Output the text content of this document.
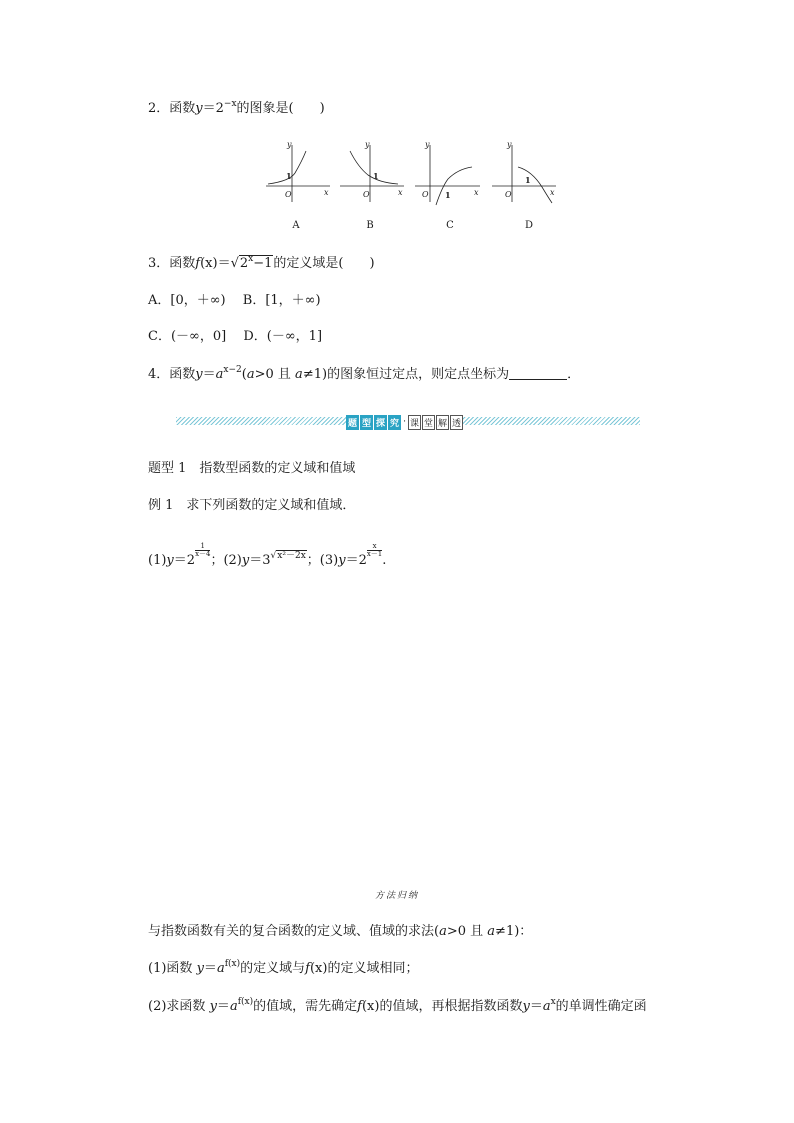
2．函数$y=2^{-x}$的图象是(　　)
y
x
O
y
x
O
y
x
O
y
x
O
1	1
1
1
A	B	C	D
3．函数$f(x)=√2^x-1$的定义域是(　　)
A．[0，＋∞)　 B．[1，＋∞)
C．(－∞，0]　 D．(－∞，1]
4．函数$y=a^{x-2}(a>0$ 且 a≠1)的图象恒过定点，则定点坐标为	．
题 型 探 究 · 课 堂 解 透
题型 1　指数型函数的定义域和值域
例 1　求下列函数的定义域和值域．
(1)y＝2
$\frac{1}{x-4}$
；$(2)y=3^{√x^2-2x}$；(3)y＝2
$\frac{x}{x-1}$
.
方法归纳
与指数函数有关的复合函数的定义域、值域的求法(a>0 且 a≠1)：
(1)函数 $y=a^{f(x)}$的定义域与f(x)的定义域相同；
(2)求函数 $y=a^{f(x)}$的值域，需先确定f(x)的值域，再根据指数函数$y=a^x$的单调性确定函
